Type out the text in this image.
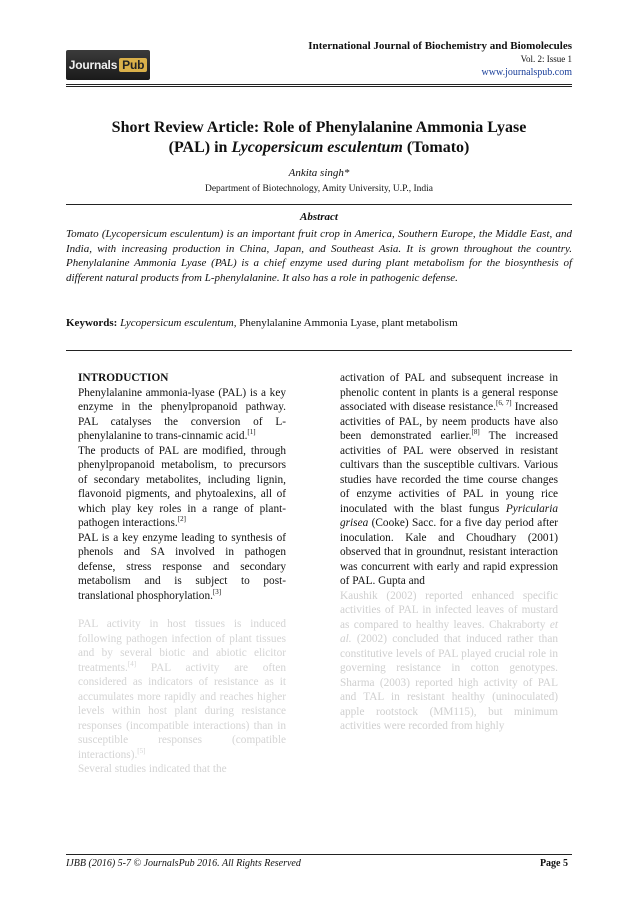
Journals Pub
International Journal of Biochemistry and Biomolecules
Vol. 2: Issue 1
www.journalspub.com
Short Review Article: Role of Phenylalanine Ammonia Lyase
(PAL) in Lycopersicum esculentum (Tomato)
Ankita singh*
Department of Biotechnology, Amity University, U.P., India
Abstract
Tomato (Lycopersicum esculentum) is an important fruit crop in America, Southern Europe, the Middle East, and India, with increasing production in China, Japan, and Southeast Asia. It is grown throughout the country. Phenylalanine Ammonia Lyase (PAL) is a chief enzyme used during plant metabolism for the biosynthesis of different natural products from L-phenylalanine. It also has a role in pathogenic defense.
Keywords: Lycopersicum esculentum, Phenylalanine Ammonia Lyase, plant metabolism
INTRODUCTION

Phenylalanine ammonia-lyase (PAL) is a key enzyme in the phenylpropanoid pathway. PAL catalyses the conversion of L-phenylalanine to trans-cinnamic acid.[1]

The products of PAL are modified, through phenylpropanoid metabolism, to precursors of secondary metabolites, including lignin, flavonoid pigments, and phytoalexins, all of which play key roles in a range of plant-pathogen interactions.[2]

PAL is a key enzyme leading to synthesis of phenols and SA involved in pathogen defense, stress response and secondary metabolism and is subject to post-translational phosphorylation.[3]

PAL activity in host tissues is induced following pathogen infection of plant tissues and by several biotic and abiotic elicitor treatments.[4] PAL activity are often considered as indicators of resistance as it accumulates more rapidly and reaches higher levels within host plant during resistance responses (incompatible interactions) than in susceptible responses (compatible interactions).[5]

Several studies indicated that the

activation of PAL and subsequent increase in phenolic content in plants is a general response associated with disease resistance.[6, 7] Increased activities of PAL, by neem products have also been demonstrated earlier.[8] The increased activities of PAL were observed in resistant cultivars than the susceptible cultivars. Various studies have recorded the time course changes of enzyme activities of PAL in young rice inoculated with the blast fungus Pyricularia grisea (Cooke) Sacc. for a five day period after inoculation. Kale and Choudhary (2001) observed that in groundnut, resistant interaction was concurrent with early and rapid expression of PAL. Gupta and

Kaushik (2002) reported enhanced specific activities of PAL in infected leaves of mustard as compared to healthy leaves. Chakraborty et al. (2002) concluded that induced rather than constitutive levels of PAL played crucial role in governing resistance in cotton genotypes. Sharma (2003) reported high activity of PAL and TAL in resistant healthy (uninoculated) apple rootstock (MM115), but minimum activities were recorded from highly

IJBB (2016) 5-7 © JournalsPub 2016. All Rights Reserved	Page 5
